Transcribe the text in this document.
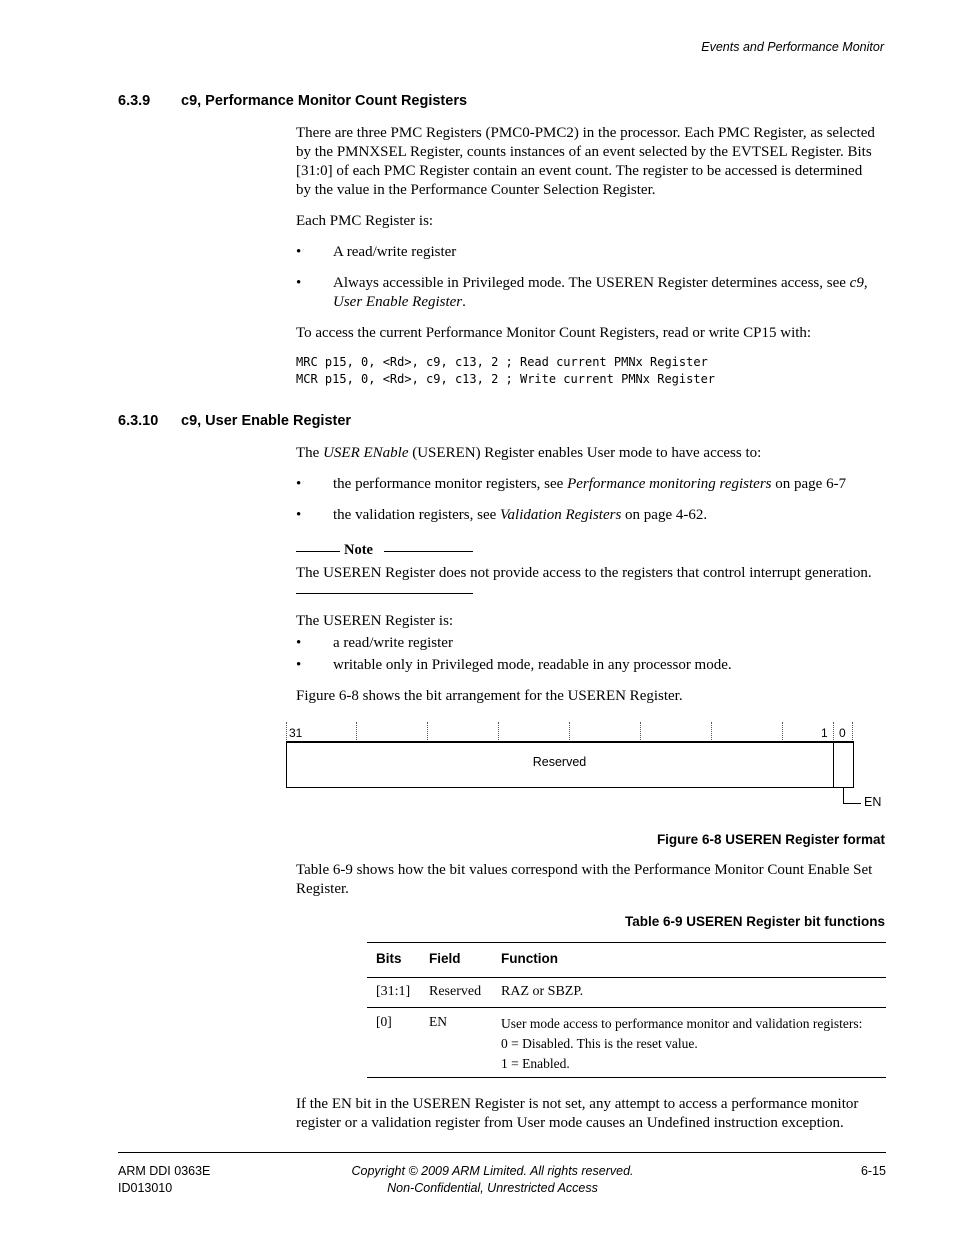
Events and Performance Monitor
6.3.9 c9, Performance Monitor Count Registers
There are three PMC Registers (PMC0-PMC2) in the processor. Each PMC Register, as selected
by the PMNXSEL Register, counts instances of an event selected by the EVTSEL Register. Bits
[31:0] of each PMC Register contain an event count. The register to be accessed is determined
by the value in the Performance Counter Selection Register.
Each PMC Register is:
• A read/write register
• Always accessible in Privileged mode. The USEREN Register determines access, see c9,
User Enable Register.
To access the current Performance Monitor Count Registers, read or write CP15 with:
MRC p15, 0, <Rd>, c9, c13, 2 ; Read current PMNx Register
MCR p15, 0, <Rd>, c9, c13, 2 ; Write current PMNx Register
6.3.10 c9, User Enable Register
The USER ENable (USEREN) Register enables User mode to have access to:
• the performance monitor registers, see Performance monitoring registers on page 6-7
• the validation registers, see Validation Registers on page 4-62.
Note
The USEREN Register does not provide access to the registers that control interrupt generation.
The USEREN Register is:
• a read/write register
• writable only in Privileged mode, readable in any processor mode.
Figure 6-8 shows the bit arrangement for the USEREN Register.
31	1 0
Reserved
EN
Figure 6-8 USEREN Register format
Table 6-9 shows how the bit values correspond with the Performance Monitor Count Enable Set
Register.
Table 6-9 USEREN Register bit functions
Bits Field	Function
[31:1] Reserved RAZ or SBZP.
[0]	EN	User mode access to performance monitor and validation registers:
0 = Disabled. This is the reset value.
1 = Enabled.
If the EN bit in the USEREN Register is not set, any attempt to access a performance monitor
register or a validation register from User mode causes an Undefined instruction exception.
ARM DDI 0363E
ID013010
Copyright © 2009 ARM Limited. All rights reserved.
Non-Confidential, Unrestricted Access
6-15
